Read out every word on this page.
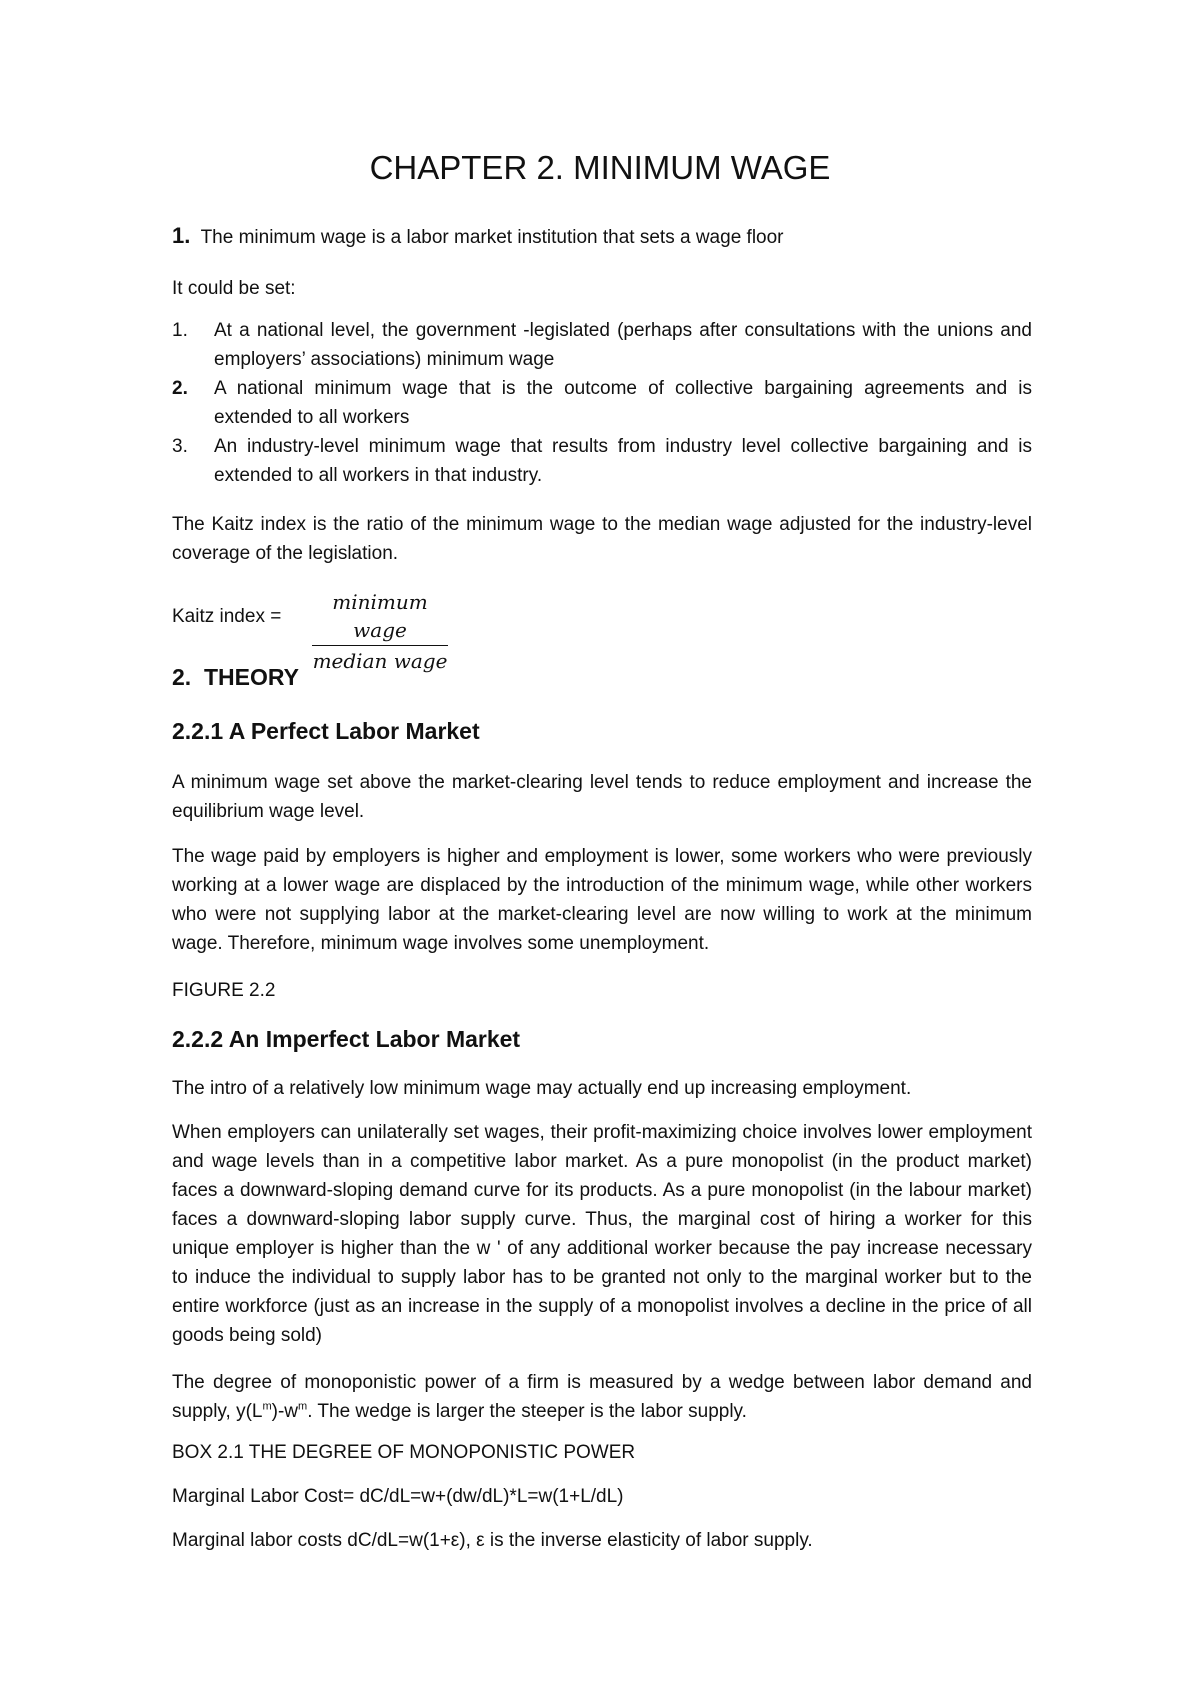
CHAPTER 2. MINIMUM WAGE
1. The minimum wage is a labor market institution that sets a wage floor
It could be set:
1.	At a national level, the government -legislated (perhaps after consultations with the unions and employers’ associations) minimum wage
2.	A national minimum wage that is the outcome of collective bargaining agreements and is extended to all workers
3.	An industry-level minimum wage that results from industry level collective bargaining and is extended to all workers in that industry.
The Kaitz index is the ratio of the minimum wage to the median wage adjusted for the industry-level coverage of the legislation.
Kaitz index =
minimum wage
median wage
2. THEORY
2.2.1 A Perfect Labor Market
A minimum wage set above the market-clearing level tends to reduce employment and increase the equilibrium wage level.
The wage paid by employers is higher and employment is lower, some workers who were previously working at a lower wage are displaced by the introduction of the minimum wage, while other workers who were not supplying labor at the market-clearing level are now willing to work at the minimum wage. Therefore, minimum wage involves some unemployment.
FIGURE 2.2
2.2.2 An Imperfect Labor Market
The intro of a relatively low minimum wage may actually end up increasing employment.
When employers can unilaterally set wages, their profit-maximizing choice involves lower employment and wage levels than in a competitive labor market. As a pure monopolist (in the product market) faces a downward-sloping demand curve for its products. As a pure monopolist (in the labour market) faces a downward-sloping labor supply curve. Thus, the marginal cost of hiring a worker for this unique employer is higher than the w ' of any additional worker because the pay increase necessary to induce the individual to supply labor has to be granted not only to the marginal worker but to the entire workforce (just as an increase in the supply of a monopolist involves a decline in the price of all goods being sold)
The degree of monoponistic power of a firm is measured by a wedge between labor demand and supply, $y(L^m)-w^m$. The wedge is larger the steeper is the labor supply.
BOX 2.1 THE DEGREE OF MONOPONISTIC POWER
Marginal Labor Cost= dC/dL=w+(dw/dL)*L=w(1+L/dL)
Marginal labor costs dC/dL=w(1+ε), ε is the inverse elasticity of labor supply.
